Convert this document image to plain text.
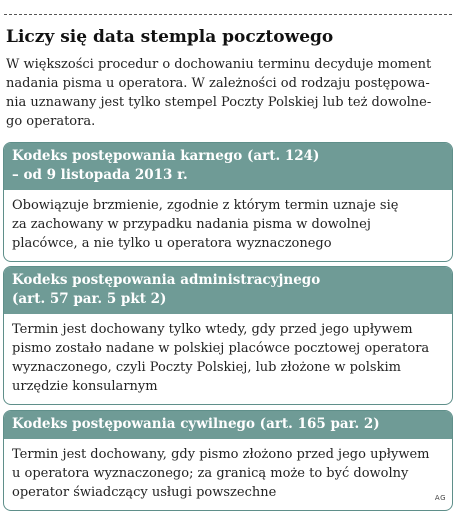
Liczy się data stempla pocztowego
W większości procedur o dochowaniu terminu decyduje moment
nadania pisma u operatora. W zależności od rodzaju postępowa-
nia uznawany jest tylko stempel Poczty Polskiej lub też dowolne-
go operatora.
Kodeks postępowania karnego (art. 124)
– od 9 listopada 2013 r.
Obowiązuje brzmienie, zgodnie z którym termin uznaje się
za zachowany w przypadku nadania pisma w dowolnej
placówce, a nie tylko u operatora wyznaczonego
Kodeks postępowania administracyjnego
(art. 57 par. 5 pkt 2)
Termin jest dochowany tylko wtedy, gdy przed jego upływem
pismo zostało nadane w polskiej placówce pocztowej operatora
wyznaczonego, czyli Poczty Polskiej, lub złożone w polskim
urzędzie konsularnym
Kodeks postępowania cywilnego (art. 165 par. 2)
Termin jest dochowany, gdy pismo złożono przed jego upływem
u operatora wyznaczonego; za granicą może to być dowolny
operator świadczący usługi powszechne	AG
